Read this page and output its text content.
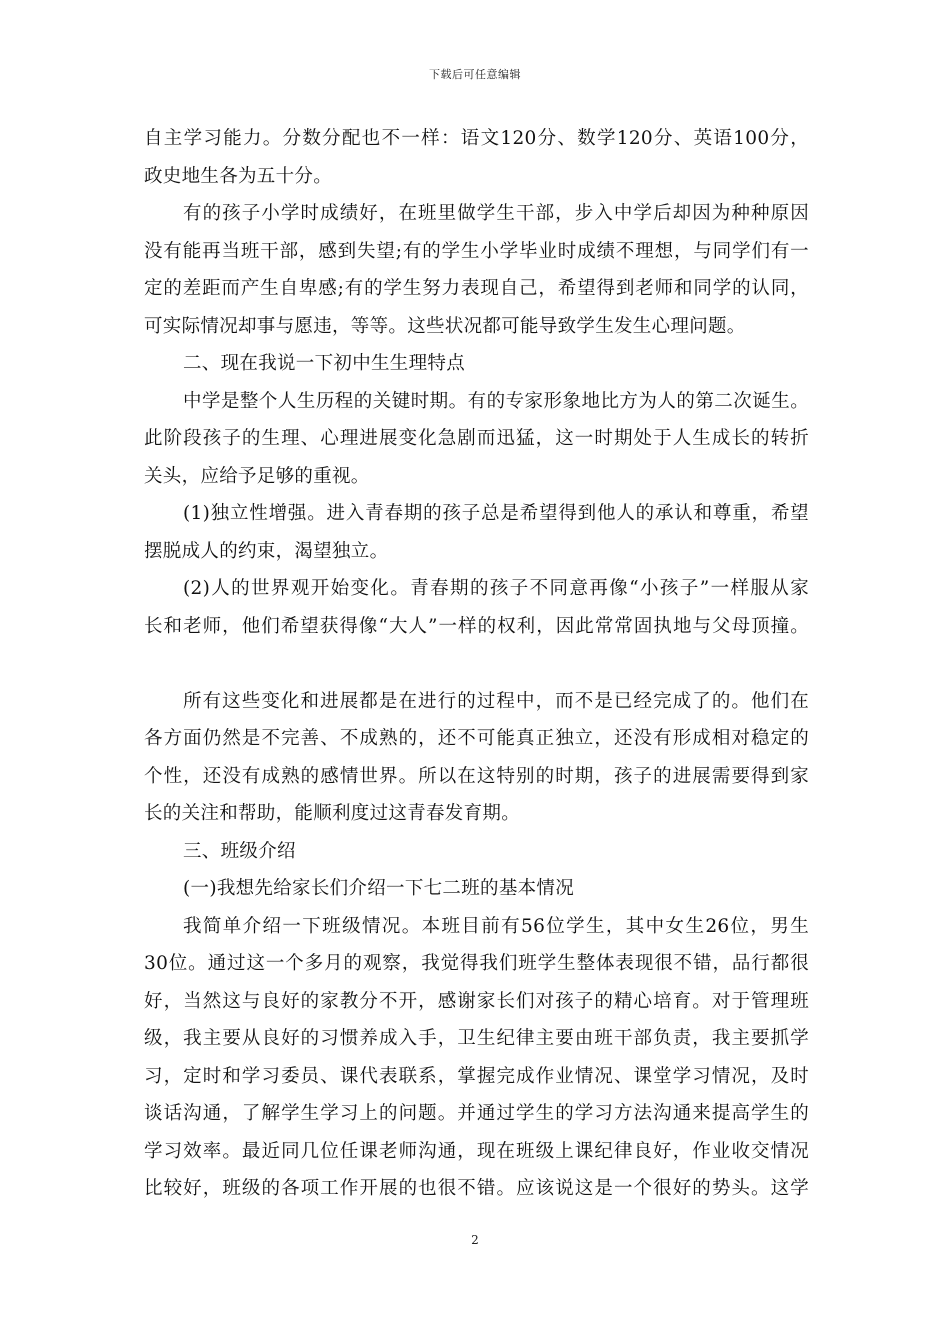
下载后可任意编辑
自主学习能力。分数分配也不一样：语文120分、数学120分、英语100分，
政史地生各为五十分。
有的孩子小学时成绩好，在班里做学生干部，步入中学后却因为种种原因
没有能再当班干部，感到失望;有的学生小学毕业时成绩不理想，与同学们有一
定的差距而产生自卑感;有的学生努力表现自己，希望得到老师和同学的认同，
可实际情况却事与愿违，等等。这些状况都可能导致学生发生心理问题。
二、现在我说一下初中生生理特点
中学是整个人生历程的关键时期。有的专家形象地比方为人的第二次诞生。
此阶段孩子的生理、心理进展变化急剧而迅猛，这一时期处于人生成长的转折
关头，应给予足够的重视。
(1)独立性增强。进入青春期的孩子总是希望得到他人的承认和尊重，希望
摆脱成人的约束，渴望独立。
(2)人的世界观开始变化。青春期的孩子不同意再像“小孩子”一样服从家
长和老师，他们希望获得像“大人”一样的权利，因此常常固执地与父母顶撞。
所有这些变化和进展都是在进行的过程中，而不是已经完成了的。他们在
各方面仍然是不完善、不成熟的，还不可能真正独立，还没有形成相对稳定的
个性，还没有成熟的感情世界。所以在这特别的时期，孩子的进展需要得到家
长的关注和帮助，能顺利度过这青春发育期。
三、班级介绍
(一)我想先给家长们介绍一下七二班的基本情况
我简单介绍一下班级情况。本班目前有56位学生，其中女生26位，男生
30位。通过这一个多月的观察，我觉得我们班学生整体表现很不错，品行都很
好，当然这与良好的家教分不开，感谢家长们对孩子的精心培育。对于管理班
级，我主要从良好的习惯养成入手，卫生纪律主要由班干部负责，我主要抓学
习，定时和学习委员、课代表联系，掌握完成作业情况、课堂学习情况，及时
谈话沟通，了解学生学习上的问题。并通过学生的学习方法沟通来提高学生的
学习效率。最近同几位任课老师沟通，现在班级上课纪律良好，作业收交情况
比较好，班级的各项工作开展的也很不错。应该说这是一个很好的势头。这学
2
